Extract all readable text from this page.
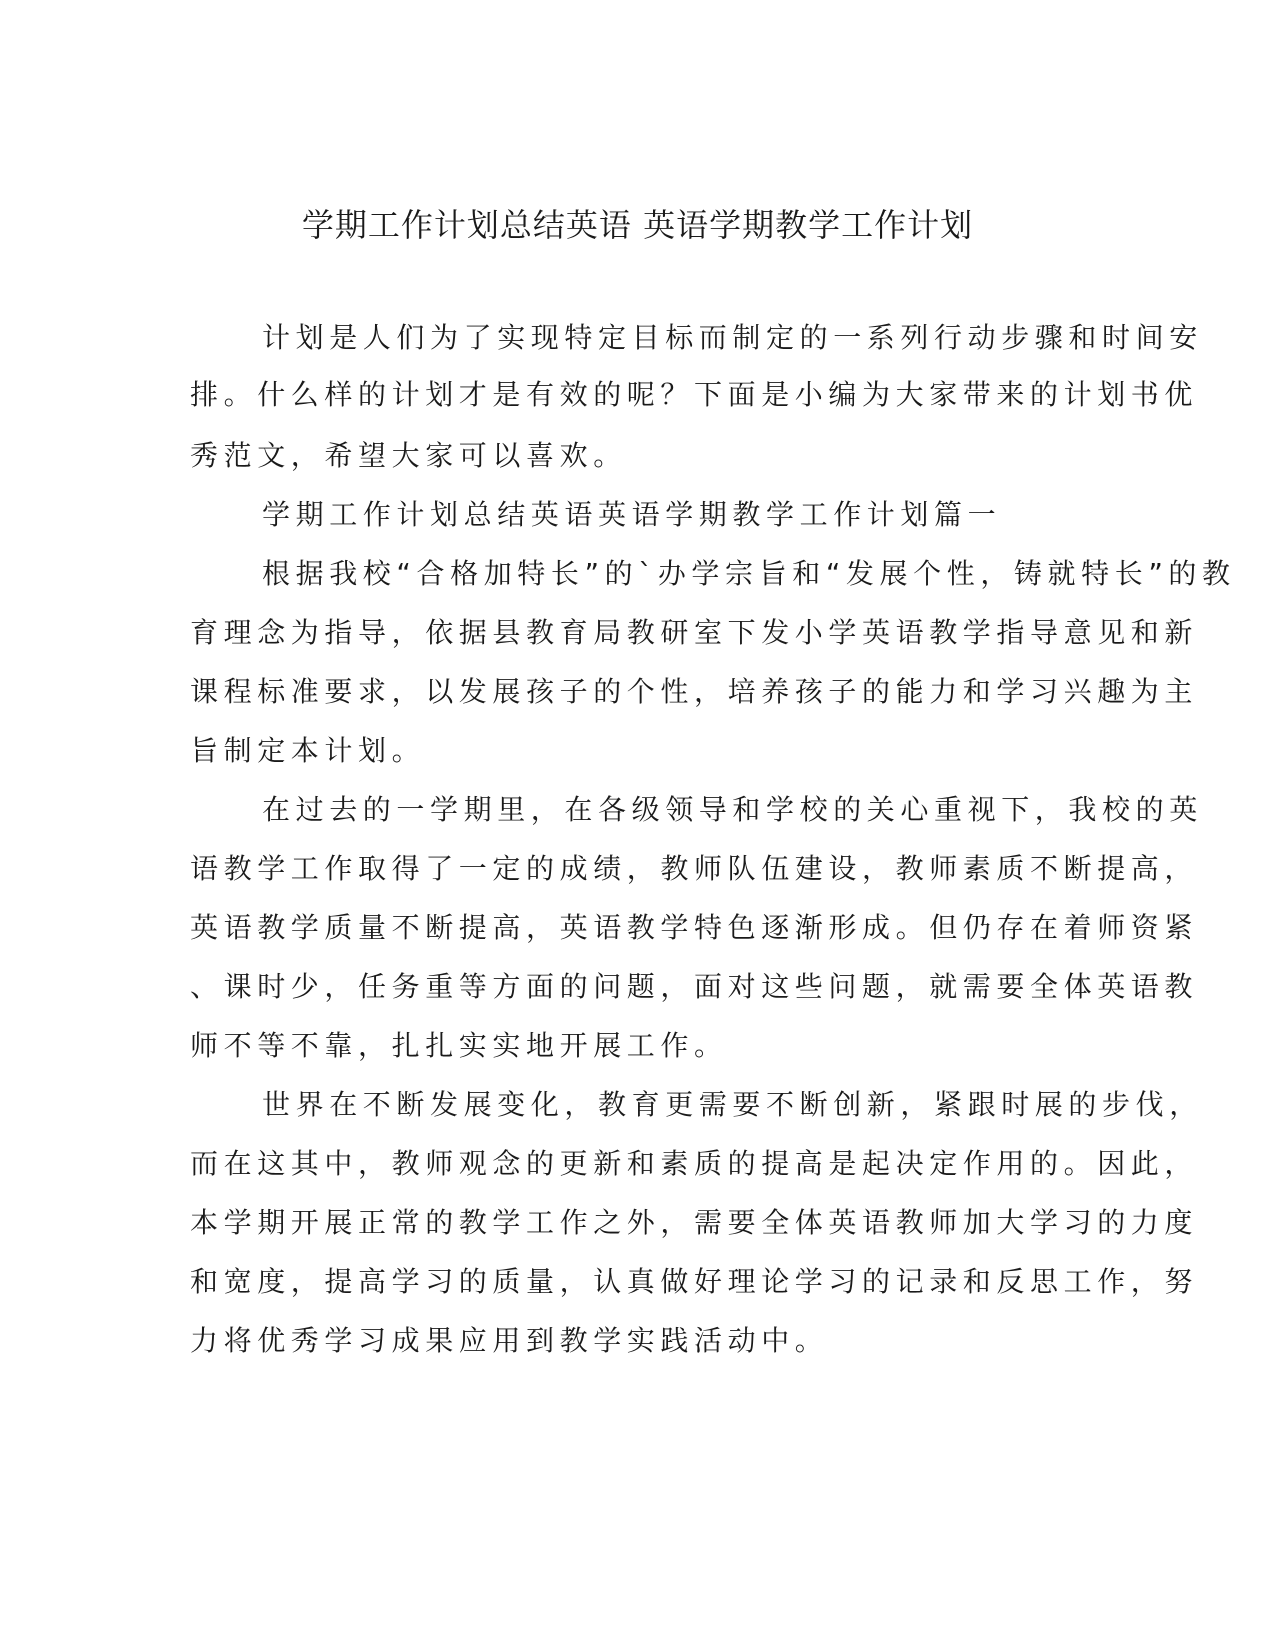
学期工作计划总结英语 英语学期教学工作计划

计划是人们为了实现特定目标而制定的一系列行动步骤和时间安

排。什么样的计划才是有效的呢？下面是小编为大家带来的计划书优

秀范文，希望大家可以喜欢。

学期工作计划总结英语英语学期教学工作计划篇一

根据我校“合格加特长”的`办学宗旨和“发展个性，铸就特长”的教

育理念为指导，依据县教育局教研室下发小学英语教学指导意见和新

课程标准要求，以发展孩子的个性，培养孩子的能力和学习兴趣为主

旨制定本计划。

在过去的一学期里，在各级领导和学校的关心重视下，我校的英

语教学工作取得了一定的成绩，教师队伍建设，教师素质不断提高，

英语教学质量不断提高，英语教学特色逐渐形成。但仍存在着师资紧

、课时少，任务重等方面的问题，面对这些问题，就需要全体英语教

师不等不靠，扎扎实实地开展工作。

世界在不断发展变化，教育更需要不断创新，紧跟时展的步伐，

而在这其中，教师观念的更新和素质的提高是起决定作用的。因此，

本学期开展正常的教学工作之外，需要全体英语教师加大学习的力度

和宽度，提高学习的质量，认真做好理论学习的记录和反思工作，努

力将优秀学习成果应用到教学实践活动中。
